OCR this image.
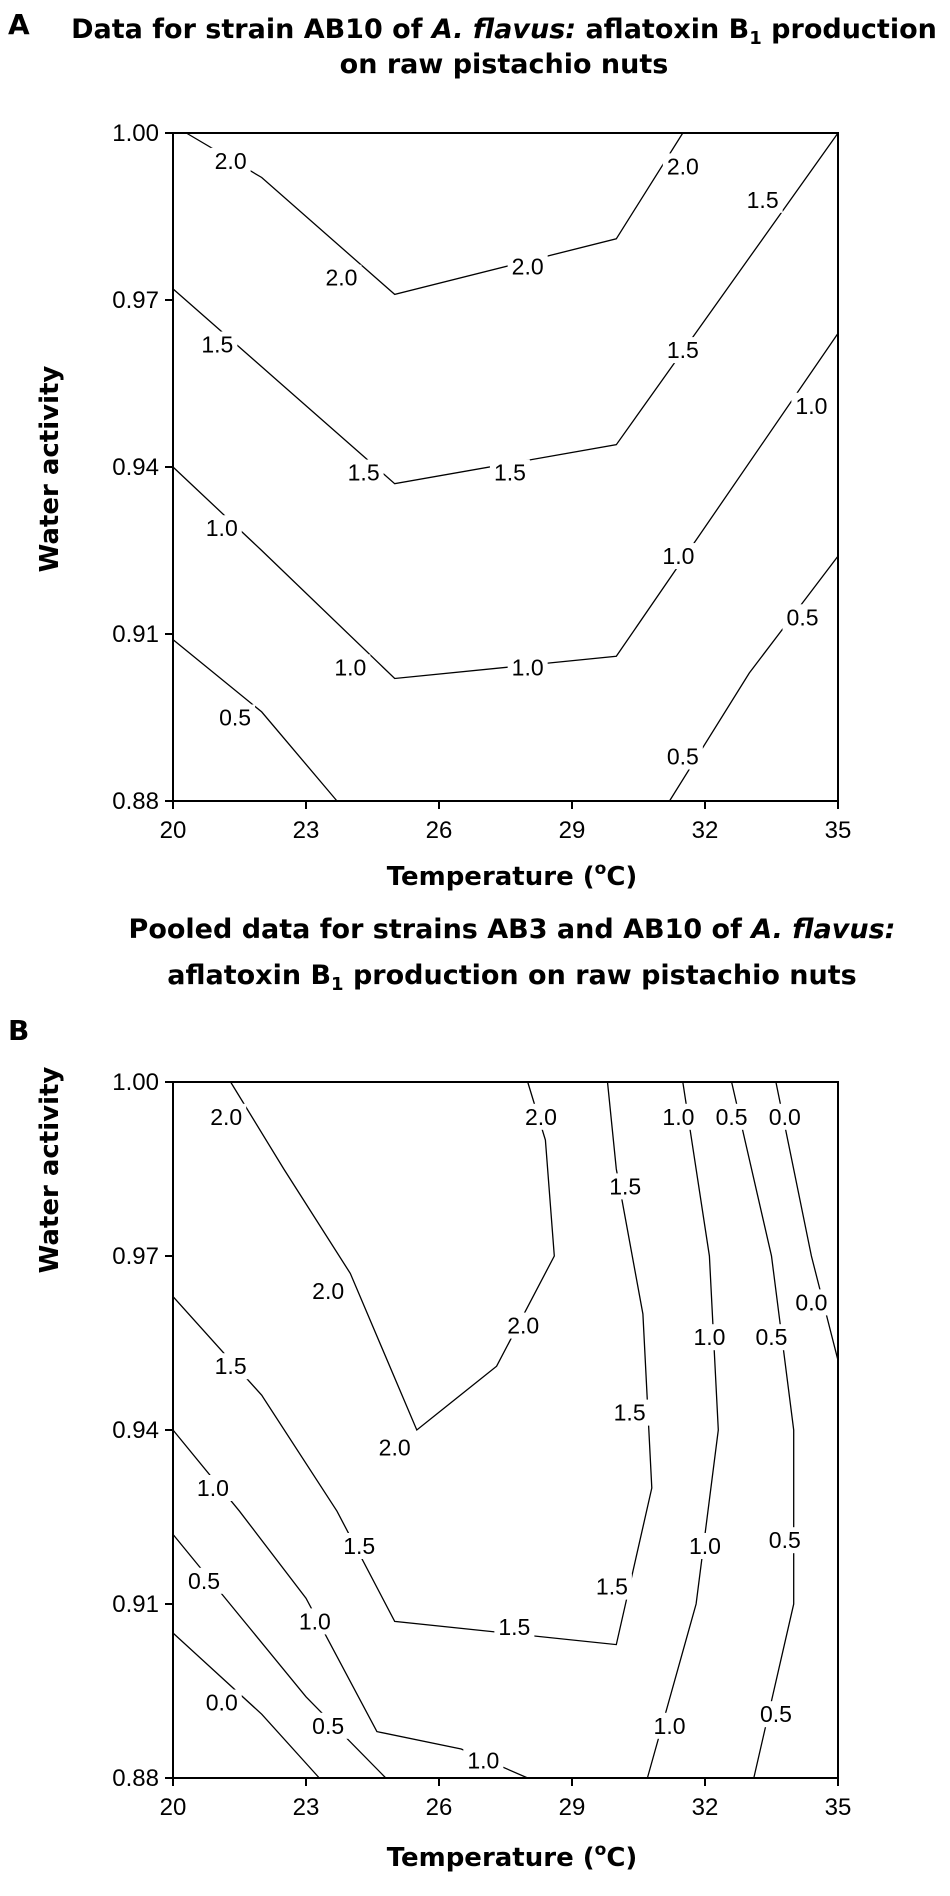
A Data for strain AB10 of A. flavus: aflatoxin $B_1$ production
on raw pistachio nuts
20	23	26	29	32	35
0.88
0.91
0.94
0.97
1.00
2.0
2.0	2.0
2.0
1.5
1.5	1.5
1.5
1.5
1.0
1.0	1.0
1.0
1.0
0.5
0.5
0.5
Temperature ($^o$C)
Water activity
Pooled data for strains AB3 and AB10 of A. flavus:
aflatoxin $B_1$ production on raw pistachio nuts
B
20	23	26	29	32	35
0.88
0.91
0.94
0.97
1.00
2.0
2.0
2.0
2.0
2.0
1.5
1.5
1.5
1.5
1.5
1.5
1.0
1.0
1.0
1.0
1.0
1.0
1.0
0.5
0.5	0.5
0.5
0.5
0.5
0.0
0.0
0.0
Temperature ($^o$C)
Water activity
